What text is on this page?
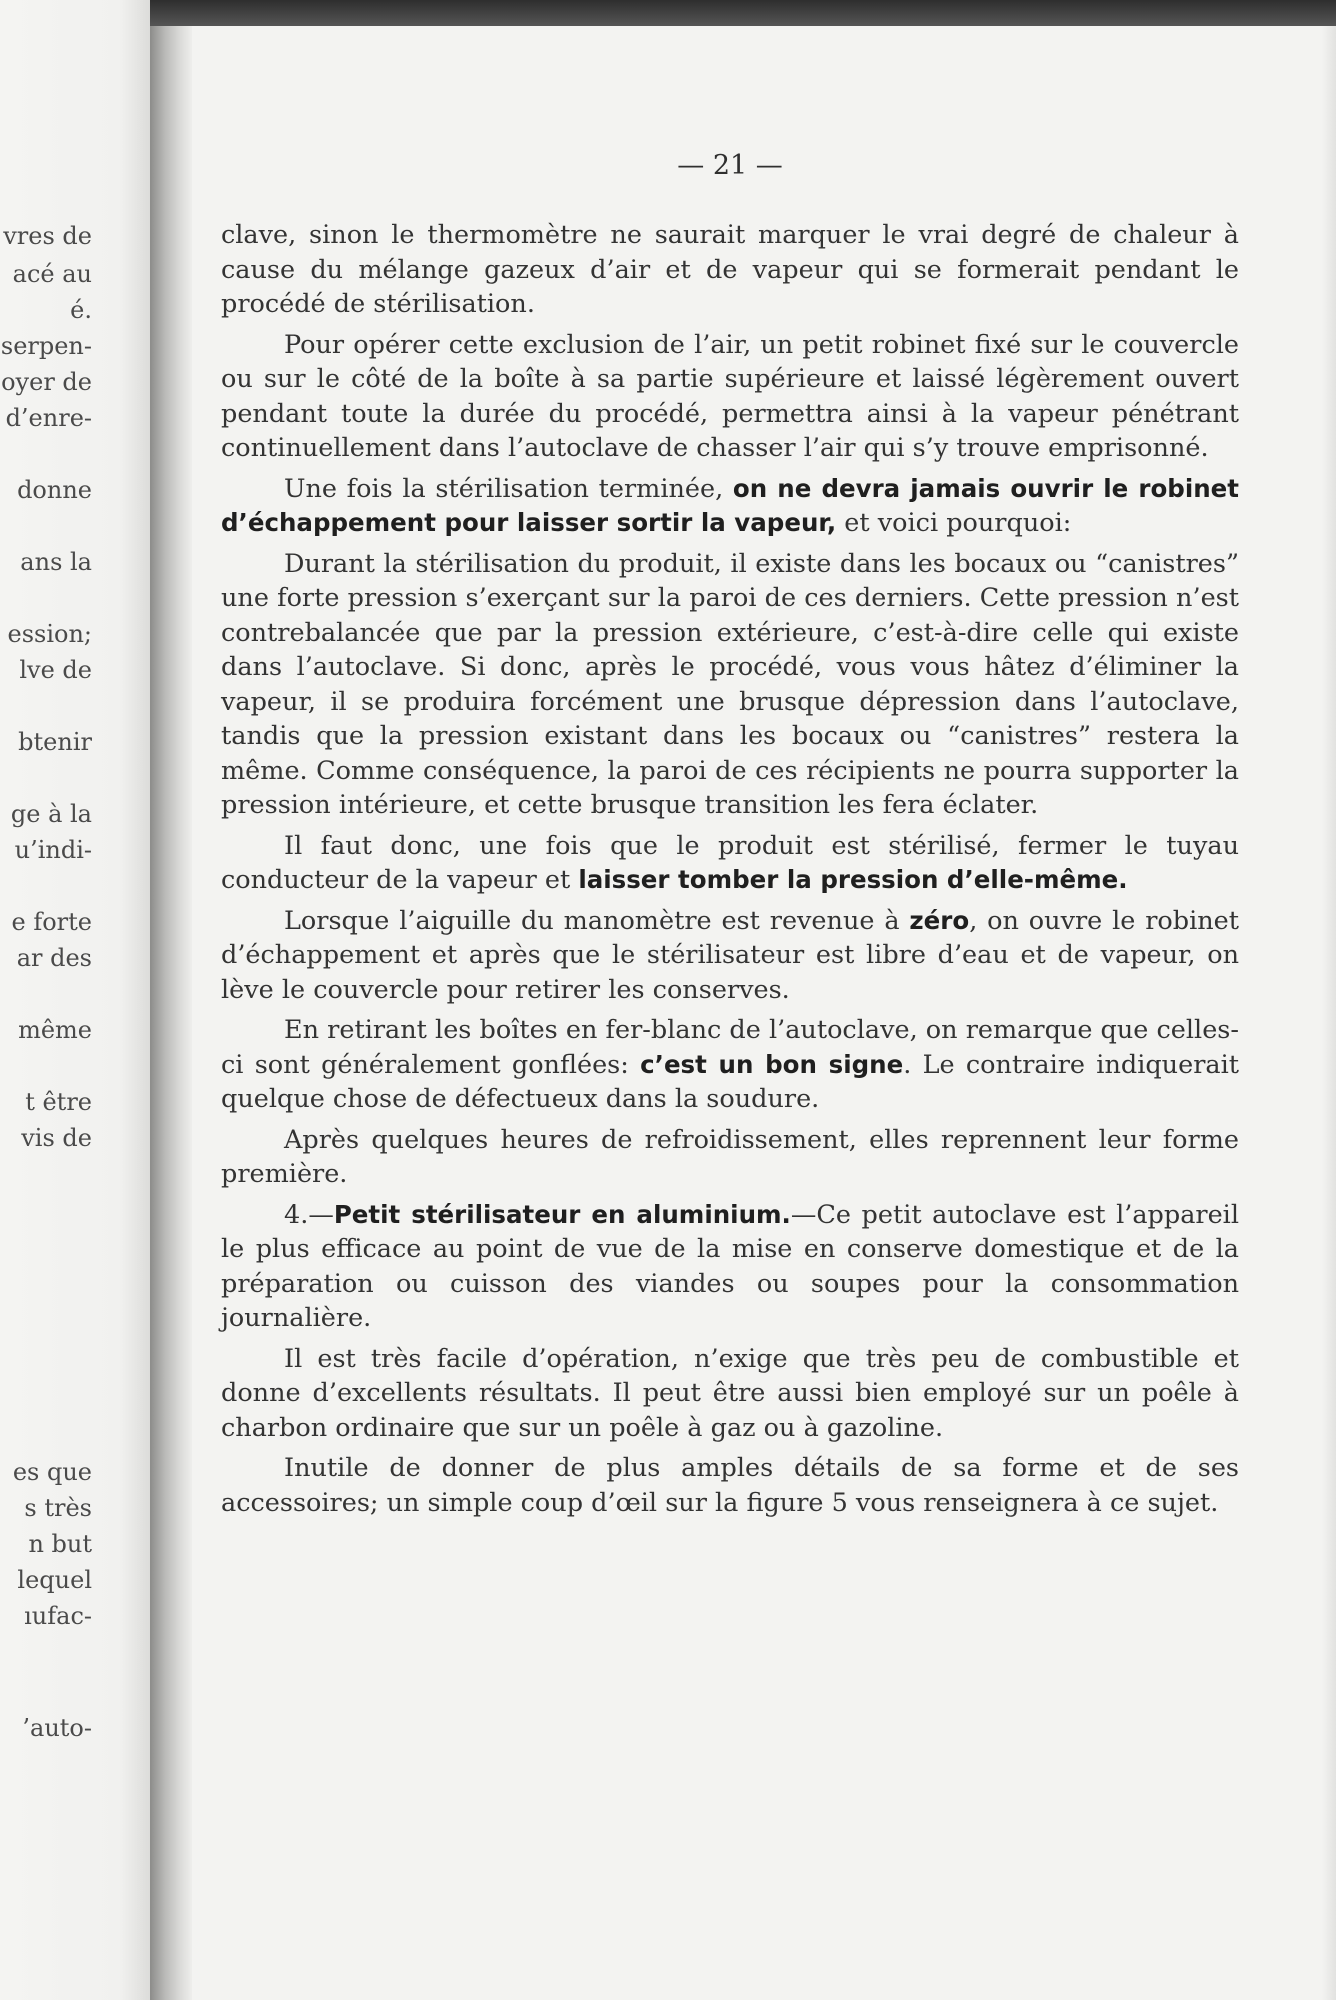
vres de
acé au
é.
serpen-
oyer de
d’enre-
donne
ans la
ession;
lve de
btenir
ge à la
u’indi-
e forte
ar des
même
t être
vis de
es que
s très
n but
lequel
ıufac-
’auto-
— 21 —

clave, sinon le thermomètre ne saurait marquer le vrai degré de chaleur à cause du mélange gazeux d’air et de vapeur qui se formerait pendant le procédé de stérilisation.

Pour opérer cette exclusion de l’air, un petit robinet fixé sur le couvercle ou sur le côté de la boîte à sa partie supérieure et laissé légèrement ouvert pendant toute la durée du procédé, permettra ainsi à la vapeur pénétrant continuellement dans l’autoclave de chasser l’air qui s’y trouve emprisonné.

Une fois la stérilisation terminée, on ne devra jamais ouvrir le robinet d’échappement pour laisser sortir la vapeur, et voici pourquoi:

Durant la stérilisation du produit, il existe dans les bocaux ou “canistres” une forte pression s’exerçant sur la paroi de ces derniers. Cette pression n’est contrebalancée que par la pression extérieure, c’est-à-dire celle qui existe dans l’autoclave. Si donc, après le procédé, vous vous hâtez d’éliminer la vapeur, il se produira forcément une brusque dépression dans l’autoclave, tandis que la pression existant dans les bocaux ou “canistres” restera la même. Comme conséquence, la paroi de ces récipients ne pourra supporter la pression intérieure, et cette brusque transition les fera éclater.

Il faut donc, une fois que le produit est stérilisé, fermer le tuyau conducteur de la vapeur et laisser tomber la pression d’elle-même.

Lorsque l’aiguille du manomètre est revenue à zéro, on ouvre le robinet d’échappement et après que le stérilisateur est libre d’eau et de vapeur, on lève le couvercle pour retirer les conserves.

En retirant les boîtes en fer-blanc de l’autoclave, on remarque que celles-ci sont généralement gonflées: c’est un bon signe. Le contraire indiquerait quelque chose de défectueux dans la soudure.

Après quelques heures de refroidissement, elles reprennent leur forme première.

4.—Petit stérilisateur en aluminium.—Ce petit autoclave est l’appareil le plus efficace au point de vue de la mise en conserve domestique et de la préparation ou cuisson des viandes ou soupes pour la consommation journalière.

Il est très facile d’opération, n’exige que très peu de combustible et donne d’excellents résultats. Il peut être aussi bien employé sur un poêle à charbon ordinaire que sur un poêle à gaz ou à gazoline.

Inutile de donner de plus amples détails de sa forme et de ses accessoires; un simple coup d’œil sur la figure 5 vous renseignera à ce sujet.
